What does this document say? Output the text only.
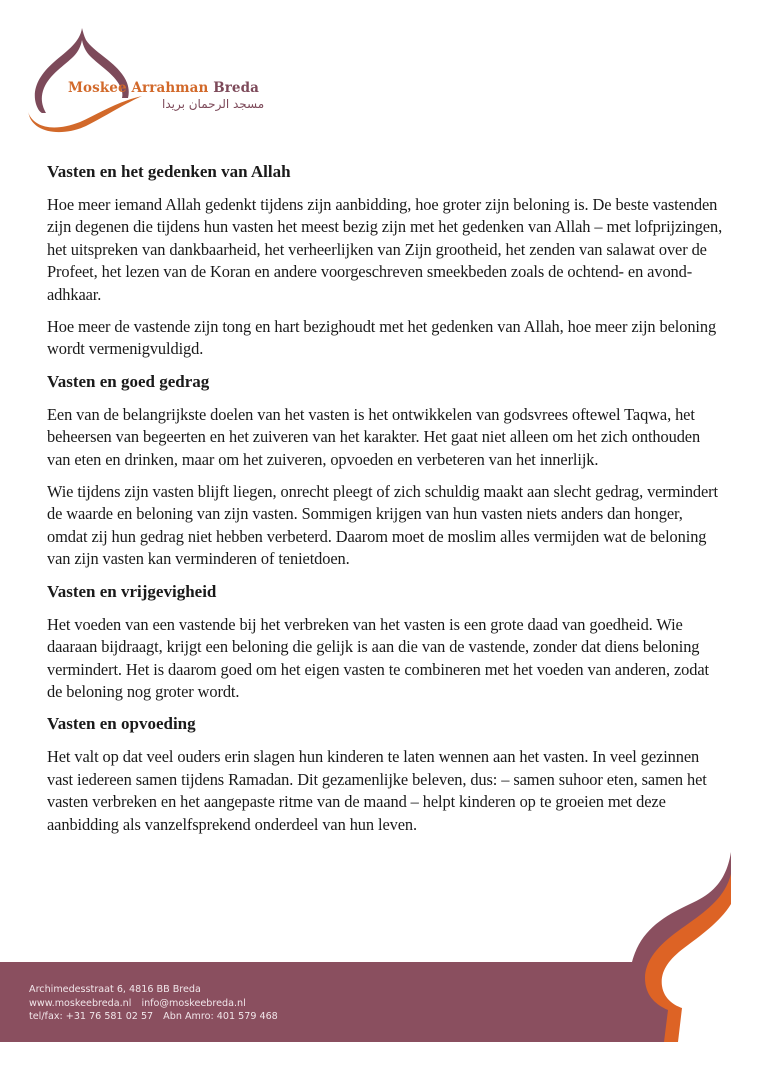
Moskee Arrahman Breda
مسجد الرحمان بريدا
Vasten en het gedenken van Allah

Hoe meer iemand Allah gedenkt tijdens zijn aanbidding, hoe groter zijn beloning is. De beste vastenden zijn degenen die tijdens hun vasten het meest bezig zijn met het gedenken van Allah – met lofprijzingen, het uitspreken van dankbaarheid, het verheerlijken van Zijn grootheid, het zenden van salawat over de Profeet, het lezen van de Koran en andere voorgeschreven smeekbeden zoals de ochtend- en avond-adhkaar.

Hoe meer de vastende zijn tong en hart bezighoudt met het gedenken van Allah, hoe meer zijn beloning wordt vermenigvuldigd.

Vasten en goed gedrag

Een van de belangrijkste doelen van het vasten is het ontwikkelen van godsvrees oftewel Taqwa, het beheersen van begeerten en het zuiveren van het karakter. Het gaat niet alleen om het zich onthouden van eten en drinken, maar om het zuiveren, opvoeden en verbeteren van het innerlijk.

Wie tijdens zijn vasten blijft liegen, onrecht pleegt of zich schuldig maakt aan slecht gedrag, vermindert de waarde en beloning van zijn vasten. Sommigen krijgen van hun vasten niets anders dan honger, omdat zij hun gedrag niet hebben verbeterd. Daarom moet de moslim alles vermijden wat de beloning van zijn vasten kan verminderen of tenietdoen.

Vasten en vrijgevigheid

Het voeden van een vastende bij het verbreken van het vasten is een grote daad van goedheid. Wie daaraan bijdraagt, krijgt een beloning die gelijk is aan die van de vastende, zonder dat diens beloning vermindert. Het is daarom goed om het eigen vasten te combineren met het voeden van anderen, zodat de beloning nog groter wordt.

Vasten en opvoeding

Het valt op dat veel ouders erin slagen hun kinderen te laten wennen aan het vasten. In veel gezinnen vast iedereen samen tijdens Ramadan. Dit gezamenlijke beleven, dus: – samen suhoor eten, samen het vasten verbreken en het aangepaste ritme van de maand – helpt kinderen op te groeien met deze aanbidding als vanzelfsprekend onderdeel van hun leven.

Archimedesstraat 6, 4816 BB Breda
www.moskeebreda.nl info@moskeebreda.nl
tel/fax: +31 76 581 02 57 Abn Amro: 401 579 468
